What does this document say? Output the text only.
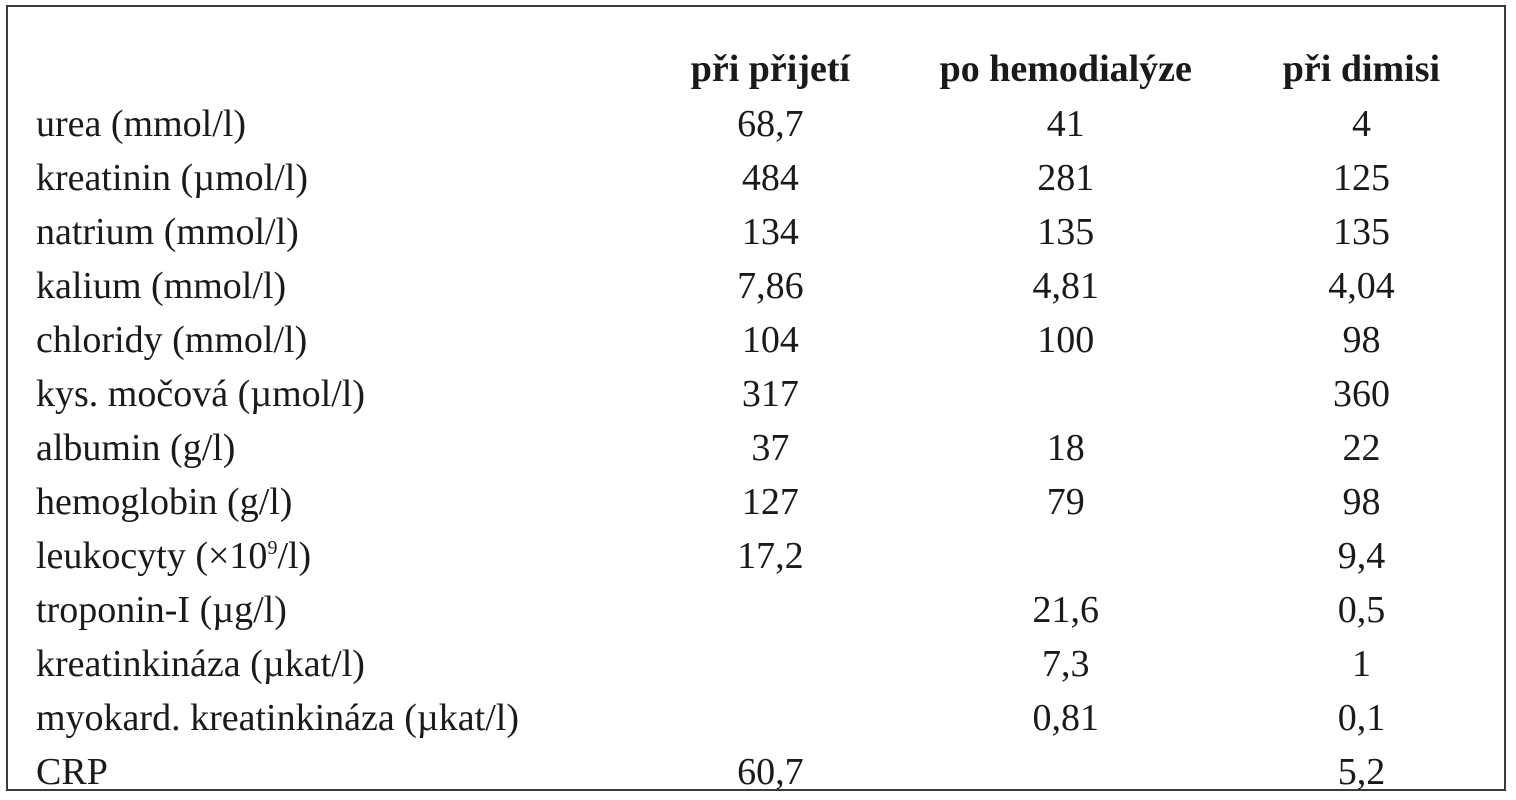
	při přijetí	po hemodialýze	při dimisi
urea (mmol/l)	68,7	41	4
kreatinin (µmol/l)	484	281	125
natrium (mmol/l)	134	135	135
kalium (mmol/l)	7,86	4,81	4,04
chloridy (mmol/l)	104	100	98
kys. močová (µmol/l)	317		360
albumin (g/l)	37	18	22
hemoglobin (g/l)	127	79	98
leukocyty $(\times 10^9/l)$	17,2		9,4
troponin-I (µg/l)		21,6	0,5
kreatinkináza (µkat/l)		7,3	1
myokard. kreatinkináza (µkat/l)		0,81	0,1
CRP	60,7		5,2
